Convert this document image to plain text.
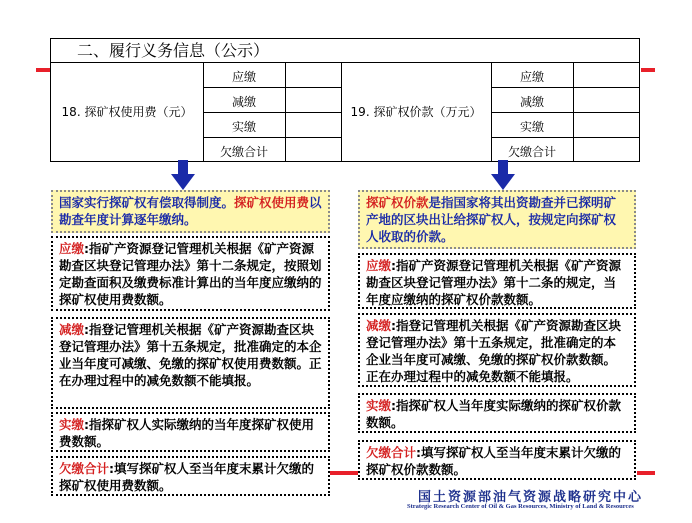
二、履行义务信息（公示）
18. 探矿权使用费（元）
应缴
减缴
实缴
欠缴合计
19. 探矿权价款（万元）
应缴
减缴
实缴
欠缴合计
国家实行探矿权有偿取得制度。探矿权使用费以勘查年度计算逐年缴纳。
应缴:指矿产资源登记管理机关根据《矿产资源勘查区块登记管理办法》第十二条规定，按照划定勘查面积及缴费标准计算出的当年度应缴纳的探矿权使用费数额。
减缴:指登记管理机关根据《矿产资源勘查区块登记管理办法》第十五条规定，批准确定的本企业当年度可减缴、免缴的探矿权使用费数额。正在办理过程中的减免数额不能填报。
实缴:指探矿权人实际缴纳的当年度探矿权使用费数额。
欠缴合计:填写探矿权人至当年度末累计欠缴的探矿权使用费数额。
探矿权价款是指国家将其出资勘查并已探明矿产地的区块出让给探矿权人，按规定向探矿权人收取的价款。
应缴:指矿产资源登记管理机关根据《矿产资源勘查区块登记管理办法》第十二条的规定，当年度应缴纳的探矿权价款数额。
减缴:指登记管理机关根据《矿产资源勘查区块登记管理办法》第十五条规定，批准确定的本企业当年度可减缴、免缴的探矿权价款数额。正在办理过程中的减免数额不能填报。
实缴:指探矿权人当年度实际缴纳的探矿权价款数额。
欠缴合计:填写探矿权人至当年度末累计欠缴的探矿权价款数额。
国土资源部油气资源战略研究中心
Strategic Research Center of Oil & Gas Resources, Ministry of Land & Resources
